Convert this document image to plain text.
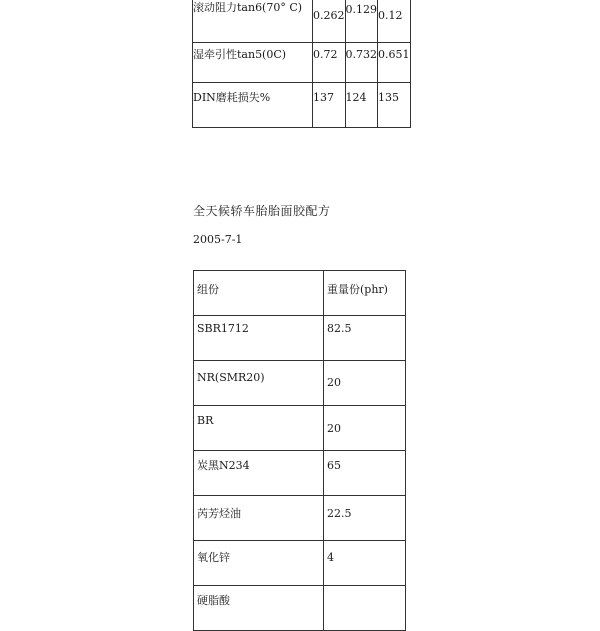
滚动阻力tan6(70° C)	0.262	0.129	0.12
湿牵引性tan5(0C)	0.72	0.732	0.651
DIN磨耗损失%	137	124	135
全天候轿车胎胎面胶配方
2005-7-1
组份	重量份(phr)
SBR1712	82.5
NR(SMR20)	20
BR	20
炭黑N234	65
芮芳烃油	22.5
氧化锌	4
硬脂酸	
